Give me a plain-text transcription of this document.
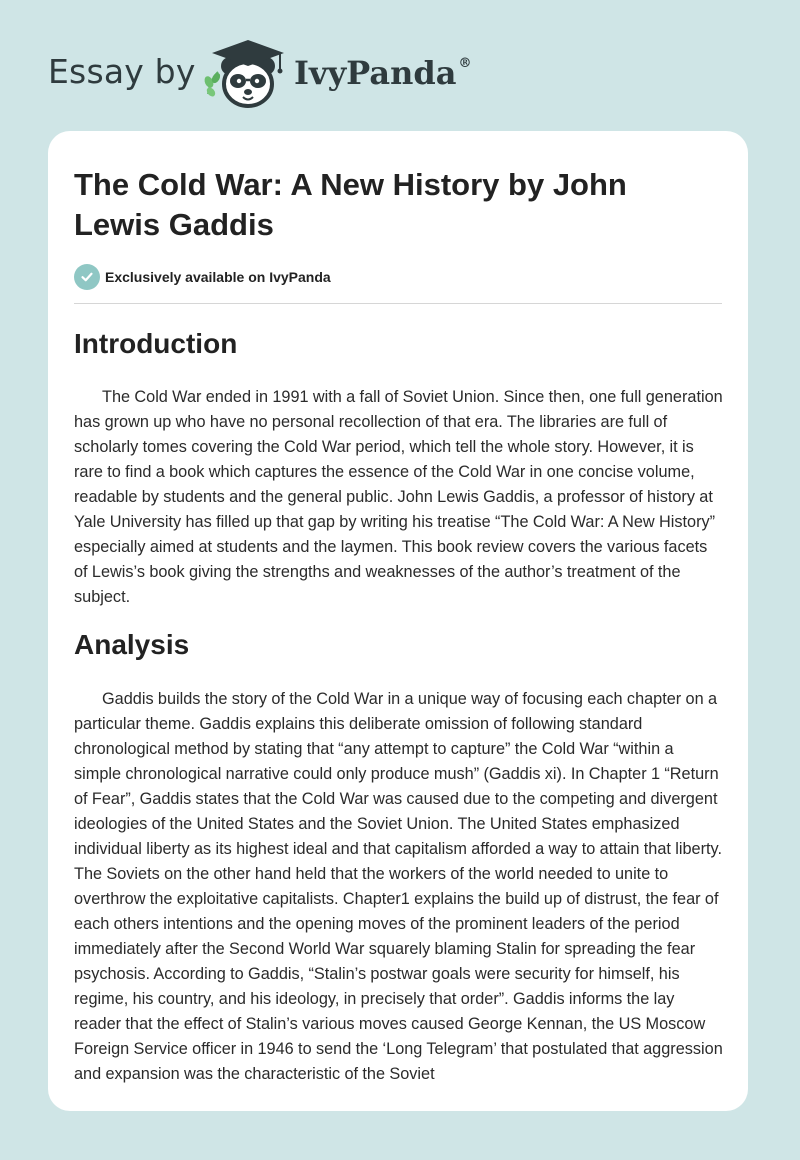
Essay by	IvyPanda ®
The Cold War: A New History by John Lewis Gaddis
Exclusively available on IvyPanda
Introduction

The Cold War ended in 1991 with a fall of Soviet Union. Since then, one full generation has grown up who have no personal recollection of that era. The libraries are full of scholarly tomes covering the Cold War period, which tell the whole story. However, it is rare to find a book which captures the essence of the Cold War in one concise volume, readable by students and the general public. John Lewis Gaddis, a professor of history at Yale University has filled up that gap by writing his treatise “The Cold War: A New History” especially aimed at students and the laymen. This book review covers the various facets of Lewis’s book giving the strengths and weaknesses of the author’s treatment of the subject.

Analysis

Gaddis builds the story of the Cold War in a unique way of focusing each chapter on a particular theme. Gaddis explains this deliberate omission of following standard chronological method by stating that “any attempt to capture” the Cold War “within a simple chronological narrative could only produce mush” (Gaddis xi). In Chapter 1 “Return of Fear”, Gaddis states that the Cold War was caused due to the competing and divergent ideologies of the United States and the Soviet Union. The United States emphasized individual liberty as its highest ideal and that capitalism afforded a way to attain that liberty. The Soviets on the other hand held that the workers of the world needed to unite to overthrow the exploitative capitalists. Chapter1 explains the build up of distrust, the fear of each others intentions and the opening moves of the prominent leaders of the period immediately after the Second World War squarely blaming Stalin for spreading the fear psychosis. According to Gaddis, “Stalin’s postwar goals were security for himself, his regime, his country, and his ideology, in precisely that order”. Gaddis informs the lay reader that the effect of Stalin’s various moves caused George Kennan, the US Moscow Foreign Service officer in 1946 to send the ‘Long Telegram’ that postulated that aggression and expansion was the characteristic of the Soviet
